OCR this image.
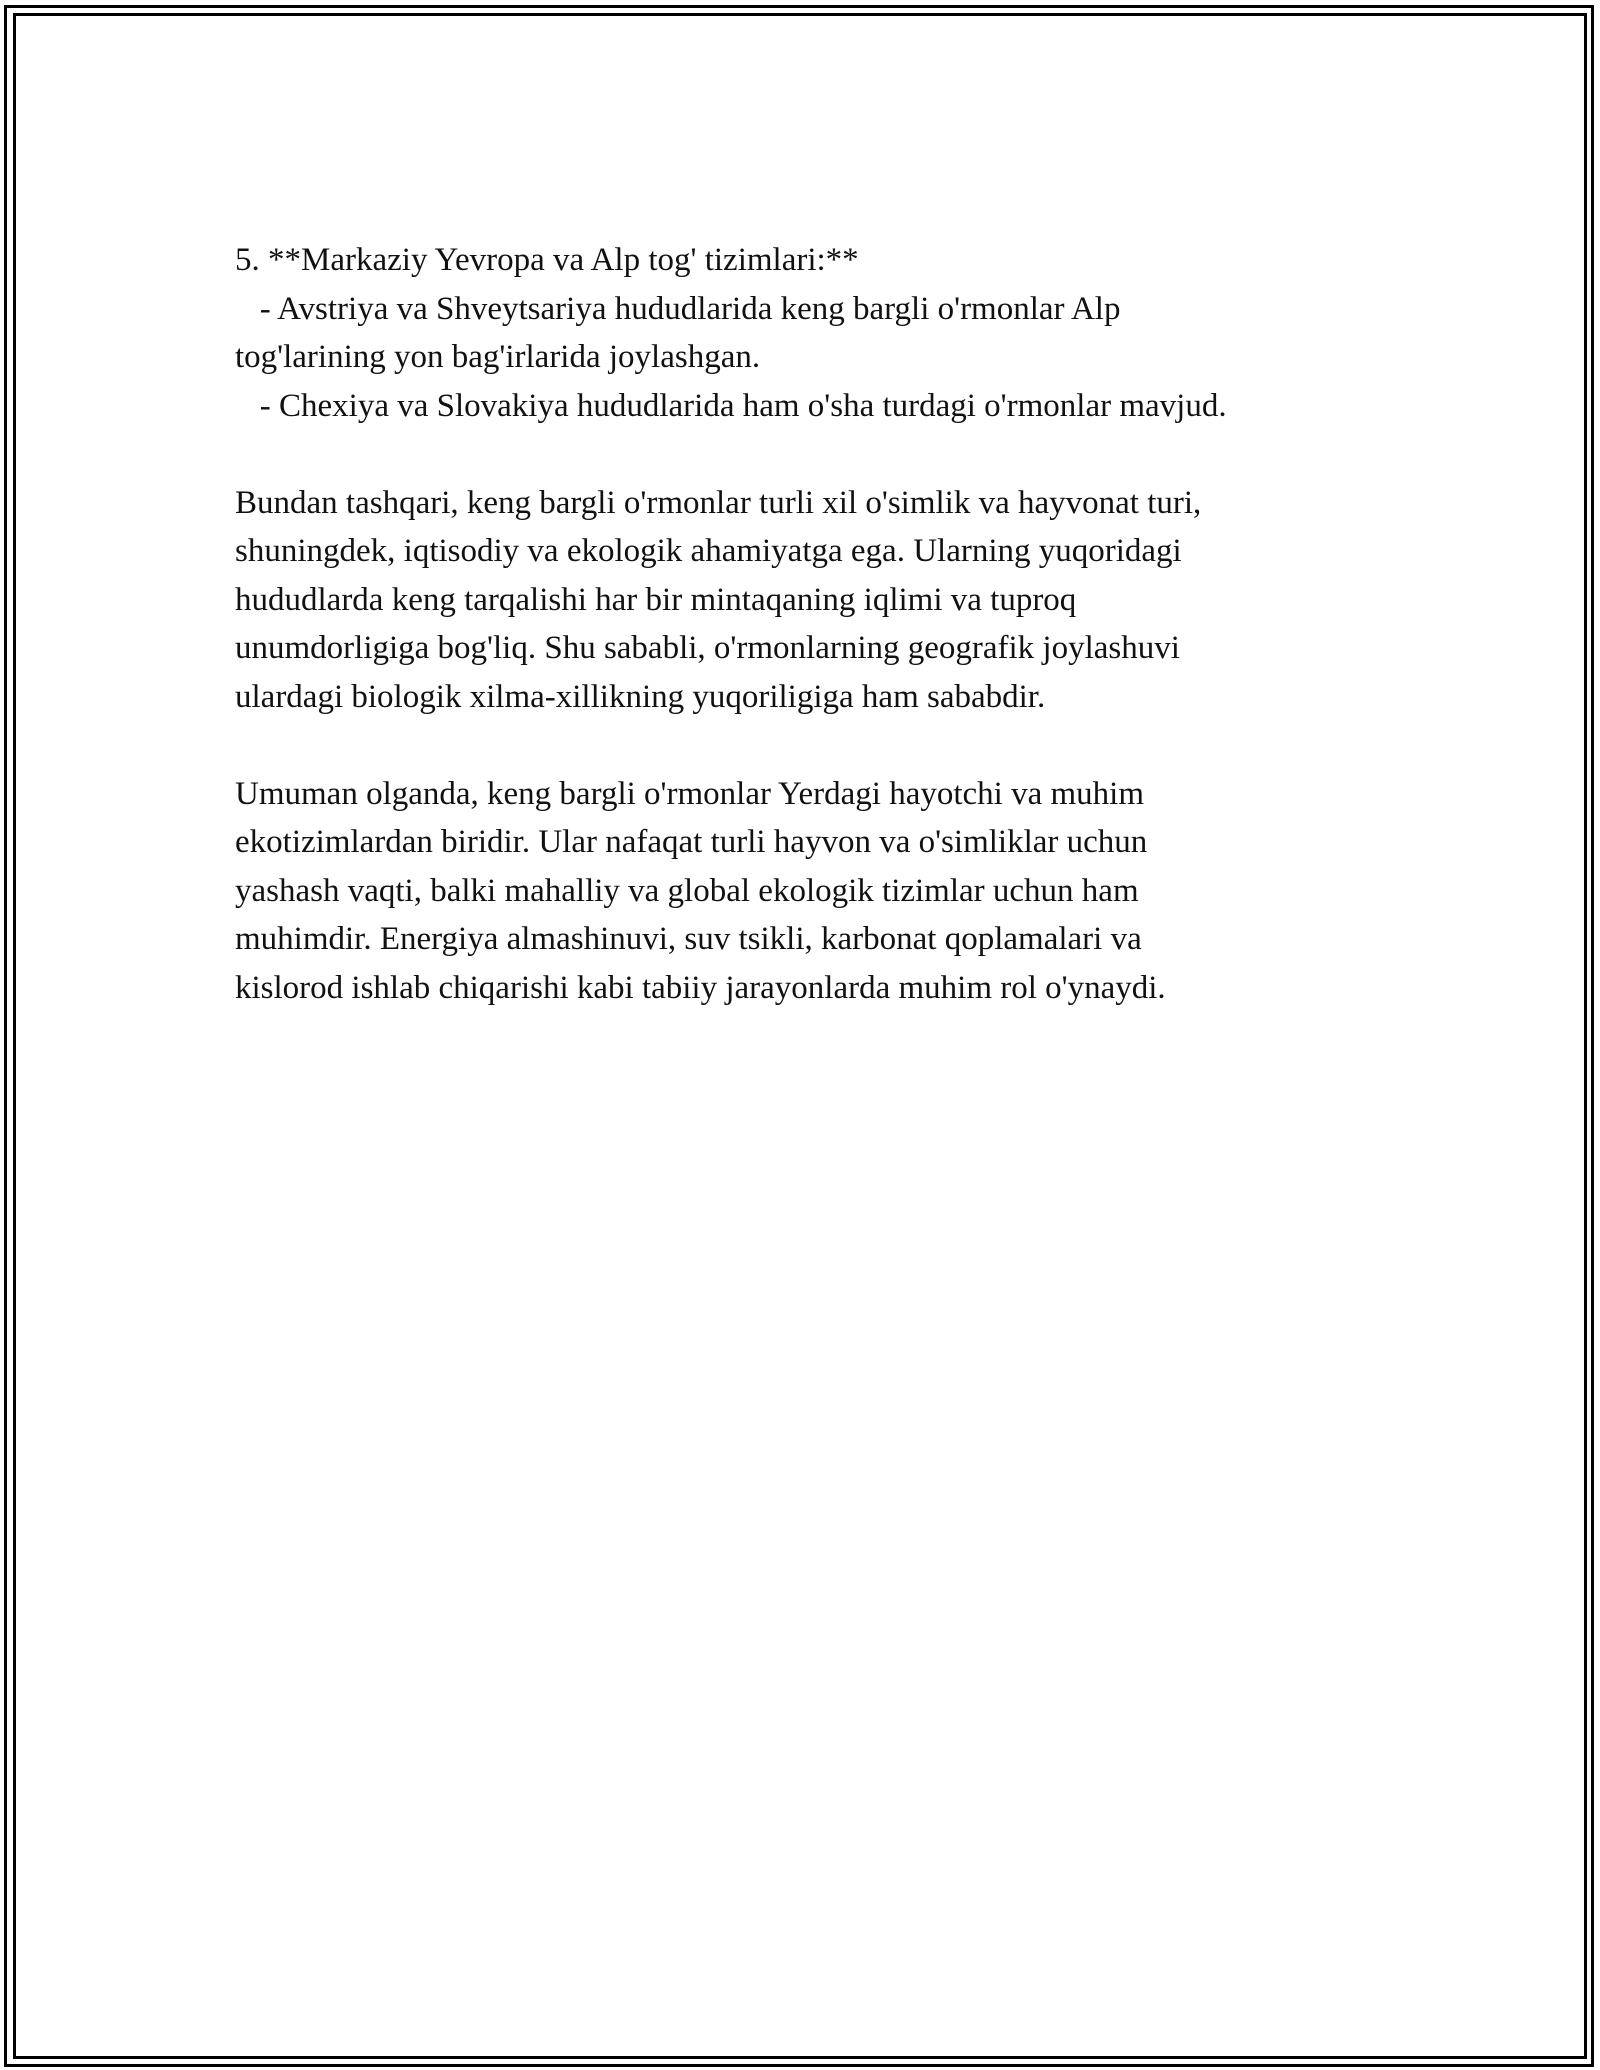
5. **Markaziy Yevropa va Alp tog' tizimlari:**
- Avstriya va Shveytsariya hududlarida keng bargli o'rmonlar Alp
tog'larining yon bag'irlarida joylashgan.
- Chexiya va Slovakiya hududlarida ham o'sha turdagi o'rmonlar mavjud.
Bundan tashqari, keng bargli o'rmonlar turli xil o'simlik va hayvonat turi,
shuningdek, iqtisodiy va ekologik ahamiyatga ega. Ularning yuqoridagi
hududlarda keng tarqalishi har bir mintaqaning iqlimi va tuproq
unumdorligiga bog'liq. Shu sababli, o'rmonlarning geografik joylashuvi
ulardagi biologik xilma-xillikning yuqoriligiga ham sababdir.
Umuman olganda, keng bargli o'rmonlar Yerdagi hayotchi va muhim
ekotizimlardan biridir. Ular nafaqat turli hayvon va o'simliklar uchun
yashash vaqti, balki mahalliy va global ekologik tizimlar uchun ham
muhimdir. Energiya almashinuvi, suv tsikli, karbonat qoplamalari va
kislorod ishlab chiqarishi kabi tabiiy jarayonlarda muhim rol o'ynaydi.
